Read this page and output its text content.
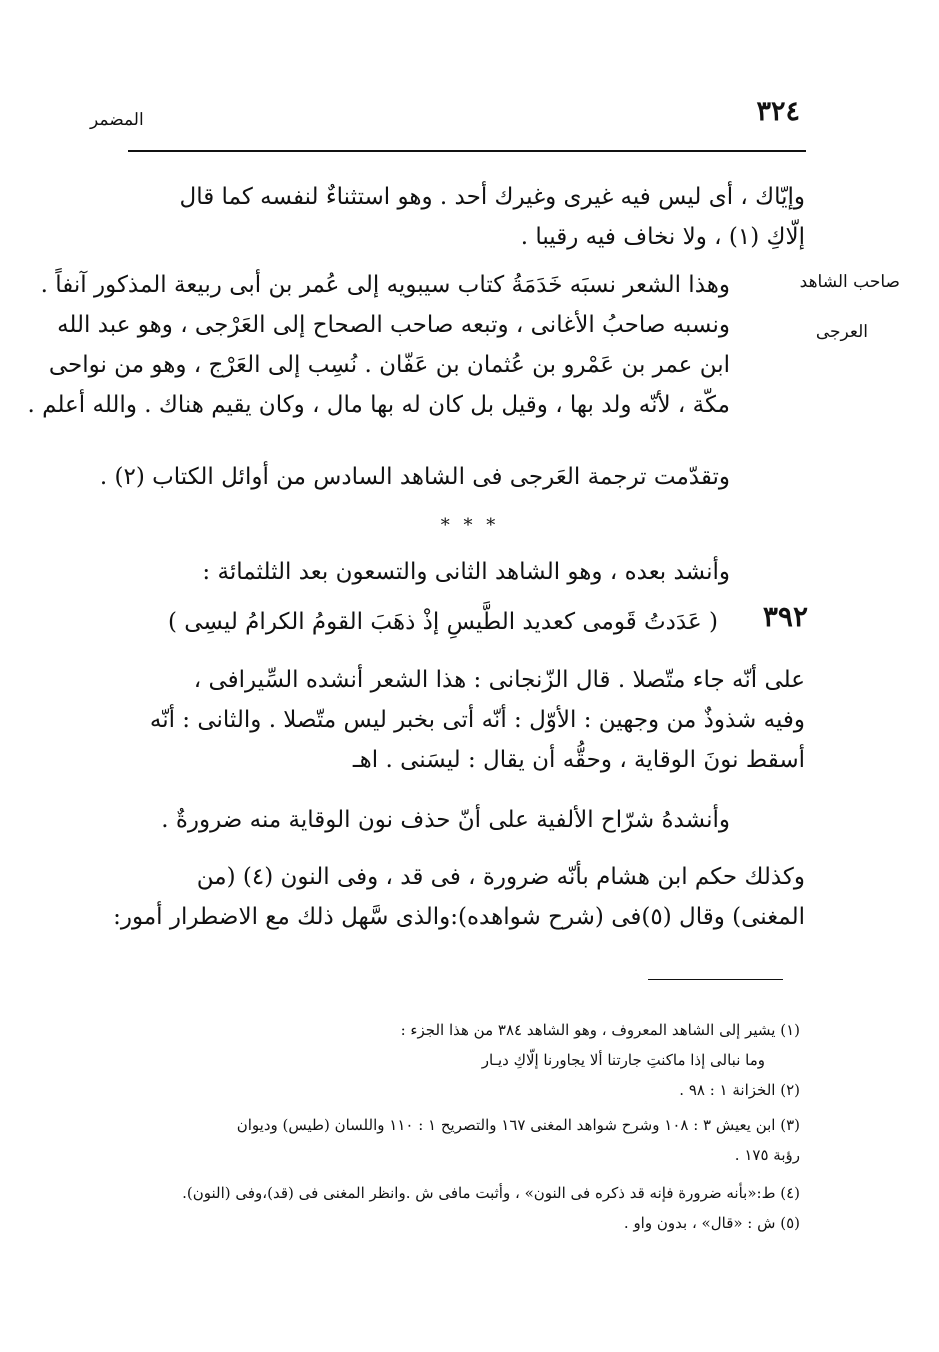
٣٢٤
المضمر
وإيّاك ، أى ليس فيه غيرى وغيرك أحد . وهو استثناءٌ لنفسه كما قال
إلّاكِ (١) ، ولا نخاف فيه رقيبا .
صاحب الشاهد
العرجى
وهذا الشعر نسبَه خَدَمَةُ كتاب سيبويه إلى عُمر بن أبى ربيعة المذكور آنفاً .
ونسبه صاحبُ الأغانى ، وتبعه صاحب الصحاح إلى العَرْجى ، وهو عبد الله
ابن عمر بن عَمْرو بن عُثمان بن عَفّان . نُسِب إلى العَرْج ، وهو من نواحى
مكّة ، لأنّه ولد بها ، وقيل بل كان له بها مال ، وكان يقيم هناك . والله أعلم .
وتقدّمت ترجمة العَرجى فى الشاهد السادس من أوائل الكتاب (٢) .
* * *
وأنشد بعده ، وهو الشاهد الثانى والتسعون بعد الثلثمائة :
٣٩٢
( عَدَدتُ قَومى كعديد الطَّيسِ إذْ ذهَبَ القومُ الكرامُ ليسِى )
على أنّه جاء متّصلا . قال الزّنجانى : هذا الشعر أنشده السِّيرافى ،
وفيه شذوذٌ من وجهين : الأوّل : أنّه أتى بخبر ليس متّصلا . والثانى : أنّه
أسقط نونَ الوقاية ، وحقُّه أن يقال : ليسَنى . اهـ
وأنشدهُ شرّاح الألفية على أنّ حذف نون الوقاية منه ضرورةٌ .
وكذلك حكم ابن هشام بأنّه ضرورة ، فى قد ، وفى النون (٤) (من
المغنى) وقال (٥)فى (شرح شواهده):والذى سَّهل ذلك مع الاضطرار أمور:
(١) يشير إلى الشاهد المعروف ، وهو الشاهد ٣٨٤ من هذا الجزء :
وما نبالى إذا ماكنتِ جارتنا ألا يجاورنا إلّاكِ ديـار
(٢) الخزانة ١ : ٩٨ .
(٣) ابن يعيش ٣ : ١٠٨ وشرح شواهد المغنى ١٦٧ والتصريح ١ : ١١٠ واللسان (طيس) وديوان
رؤبة ١٧٥ .
(٤) ط:«بأنه ضرورة فإنه قد ذكره فى النون» ، وأثبت مافى ش .وانظر المغنى فى (قد)،وفى (النون).
(٥) ش : «قال» ، بدون واو .
